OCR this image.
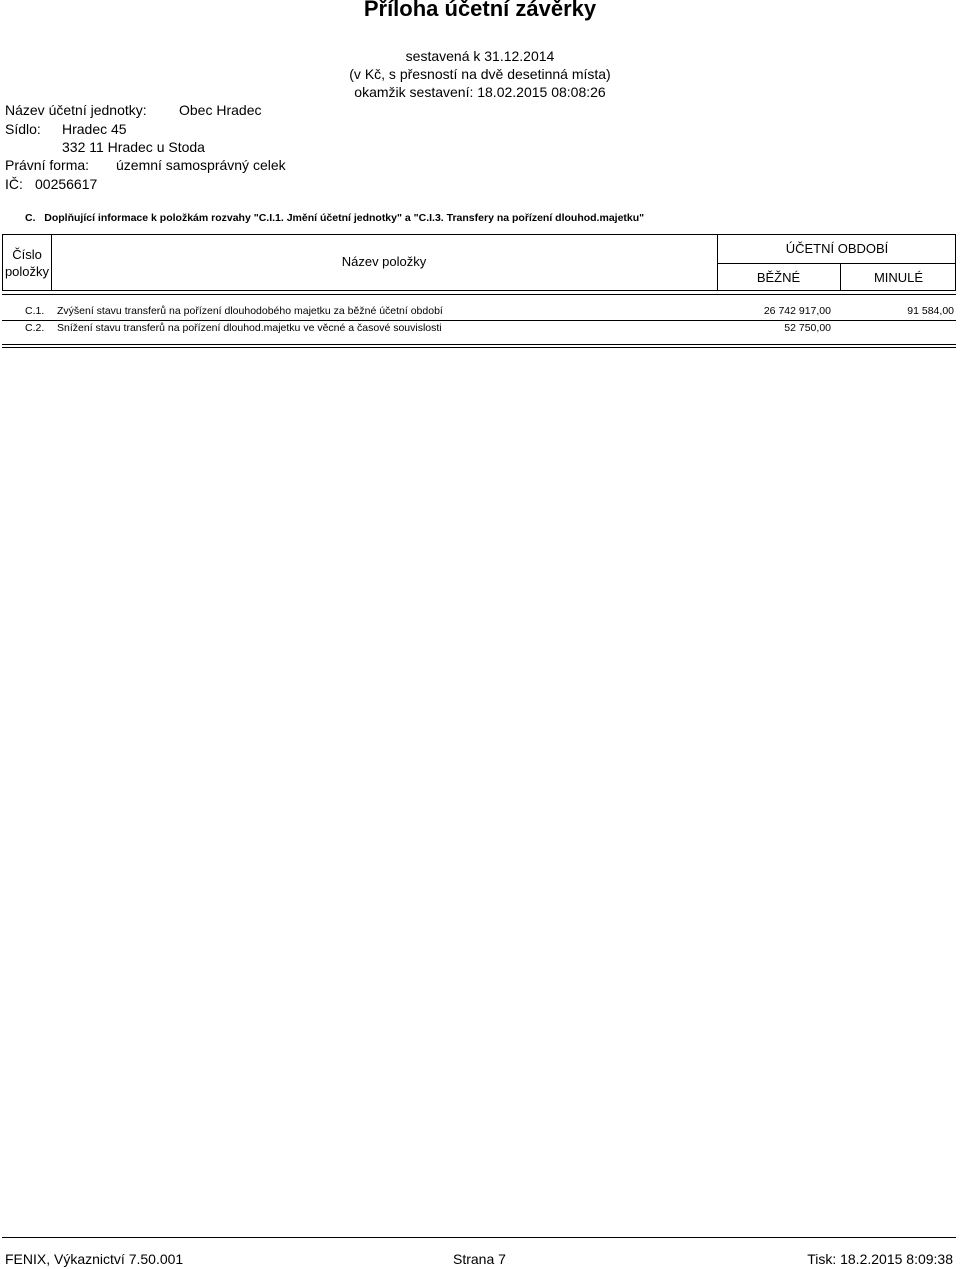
Příloha účetní závěrky
sestavená k 31.12.2014
(v Kč, s přesností na dvě desetinná místa)
okamžik sestavení: 18.02.2015 08:08:26
Název účetní jednotky: Obec Hradec
Sídlo: Hradec 45
332 11 Hradec u Stoda
Právní forma: územní samosprávný celek
IČ: 00256617
C. Doplňující informace k položkám rozvahy "C.I.1. Jmění účetní jednotky" a "C.I.3. Transfery na pořízení dlouhod.majetku"
Číslo
položky
Název položky
ÚČETNÍ OBDOBÍ
BĚŽNÉ	MINULÉ
C.1. Zvýšení stavu transferů na pořízení dlouhodobého majetku za běžné účetní období	26 742 917,00	91 584,00
C.2. Snížení stavu transferů na pořízení dlouhod.majetku ve věcné a časové souvislosti	52 750,00
FENIX, Výkaznictví 7.50.001	Strana 7	Tisk: 18.2.2015 8:09:38
